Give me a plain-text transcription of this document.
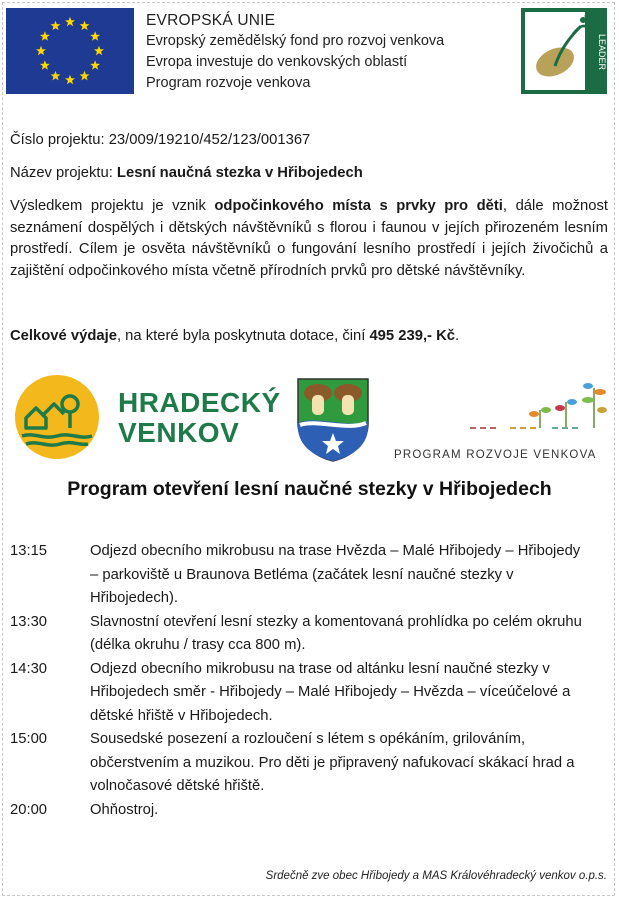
EVROPSKÁ UNIE
Evropský zemědělský fond pro rozvoj venkova
Evropa investuje do venkovských oblastí
Program rozvoje venkova
LEADER
Číslo projektu: 23/009/19210/452/123/001367
Název projektu: Lesní naučná stezka v Hřibojedech
Výsledkem projektu je vznik odpočinkového místa s prvky pro děti, dále možnost seznámení dospělých i dětských návštěvníků s florou i faunou v jejích přirozeném lesním prostředí. Cílem je osvěta návštěvníků o fungování lesního prostředí i jejích živočichů a zajištění odpočinkového místa včetně přírodních prvků pro dětské návštěvníky.
Celkové výdaje, na které byla poskytnuta dotace, činí 495 239,- Kč.
HRADECKÝ
VENKOV
PROGRAM ROZVOJE VENKOVA
Program otevření lesní naučné stezky v Hřibojedech
13:15	Odjezd obecního mikrobusu na trase Hvězda – Malé Hřibojedy – Hřibojedy – parkoviště u Braunova Betléma (začátek lesní naučné stezky v Hřibojedech).
13:30	Slavnostní otevření lesní stezky a komentovaná prohlídka po celém okruhu (délka okruhu / trasy cca 800 m).
14:30	Odjezd obecního mikrobusu na trase od altánku lesní naučné stezky v Hřibojedech směr - Hřibojedy – Malé Hřibojedy – Hvězda – víceúčelové a dětské hřiště v Hřibojedech.
15:00	Sousedské posezení a rozloučení s létem s opékáním, grilováním, občerstvením a muzikou. Pro děti je připravený nafukovací skákací hrad a volnočasové dětské hřiště.
20:00	Ohňostroj.
Srdečně zve obec Hřibojedy a MAS Královéhradecký venkov o.p.s.
